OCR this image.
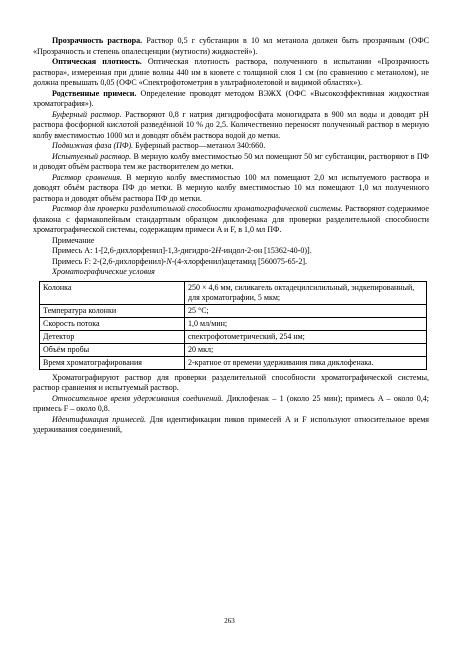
Прозрачность раствора. Раствор 0,5 г субстанции в 10 мл метанола должен быть прозрачным (ОФС «Прозрачность и степень опалесценции (мутности) жидкостей»).

Оптическая плотность. Оптическая плотность раствора, полученного в испытании «Прозрачность раствора», измеренная при длине волны 440 нм в кювете с толщиной слоя 1 см (по сравнению с метанолом), не должна превышать 0,05 (ОФС «Спектрофотометрия в ультрафиолетовой и видимой областях»).

Родственные примеси. Определение проводят методом ВЭЖХ (ОФС «Высокоэффективная жидкостная хроматография»).

Буферный раствор. Растворяют 0,8 г натрия дигидрофосфата моногидрата в 900 мл воды и доводят pH раствора фосфорной кислотой разведённой 10 % до 2,5. Количественно переносят полученный раствор в мерную колбу вместимостью 1000 мл и доводят объём раствора водой до метки.

Подвижная фаза (ПФ). Буферный раствор—метанол 340:660.

Испытуемый раствор. В мерную колбу вместимостью 50 мл помещают 50 мг субстанции, растворяют в ПФ и доводят объём раствора тем же растворителем до метки.

Раствор сравнения. В мерную колбу вместимостью 100 мл помещают 2,0 мл испытуемого раствора и доводят объём раствора ПФ до метки. В мерную колбу вместимостью 10 мл помещают 1,0 мл полученного раствора и доводят объём раствора ПФ до метки.

Раствор для проверки разделительной способности хроматографической системы. Растворяют содержимое флакона с фармакопейным стандартным образцом диклофенака для проверки разделительной способности хроматографической системы, содержащим примеси A и F, в 1,0 мл ПФ.

Примечание

Примесь A: 1-[2,6-дихлорфенил]-1,3-дигидро-2H-индол-2-он [15362-40-0)].

Примесь F: 2-(2,6-дихлорфенил)-N-(4-хлорфенил)ацетамид [560075-65-2].

Хроматографические условия

Колонка	250 × 4,6 мм, силикагель октадецилсилильный, эндкепированный, для хроматографии, 5 мкм;
Температура колонки	25 °C;
Скорость потока	1,0 мл/мин;
Детектор	спектрофотометрический, 254 нм;
Объём пробы	20 мкл;
Время хроматографирования	2-кратное от времени удерживания пика диклофенака.

Хроматографируют раствор для проверки разделительной способности хроматографической системы, раствор сравнения и испытуемый раствор.

Относительное время удерживания соединений. Диклофенак – 1 (около 25 мин); примесь A – около 0,4; примесь F – около 0,8.

Идентификация примесей. Для идентификации пиков примесей A и F используют относительное время удерживания соединений,

263
